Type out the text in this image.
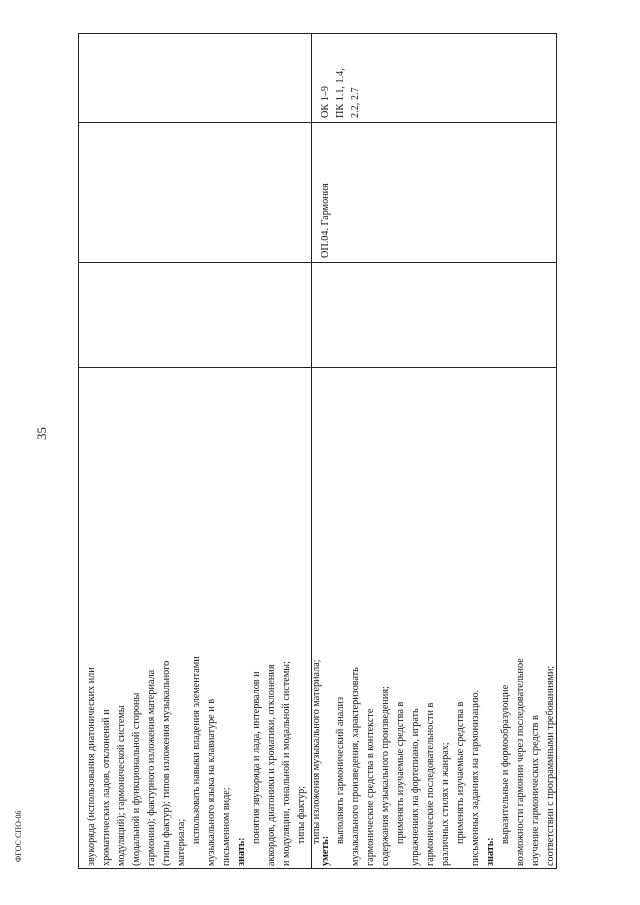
35
ФГОС СПО-06	звукоряда (использования диатонических или хроматических ладов, отклонений и модуляций); гармонической системы (модальной и функциональной стороны гармонии); фактурного изложения материала (типы фактур); типов изложения музыкального материала; использовать навыки владения элементами музыкального языка на клавиатуре и в письменном виде; знать:
понятия звукоряда и лада, интервалов и аккордов, диатоники и хроматики, отклонения и модуляции, тональной и модальной системы; типы фактур; типы изложения музыкального материала;
уметь:
выполнять гармонический анализ музыкального произведения, характеризовать гармонические средства в контексте содержания музыкального произведения; применять изучаемые средства в упражнениях на фортепиано, играть гармонические последовательности в различных стилях и жанрах; применять изучаемые средства в письменных заданиях на гармонизацию. знать:
выразительные и формообразующие возможности гармонии через последовательное изучение гармонических средств в соответствии с программными требованиями;
ОП.04. Гармония
ОК 1–9 ПК 1.1, 1.4, 2.2, 2.7
